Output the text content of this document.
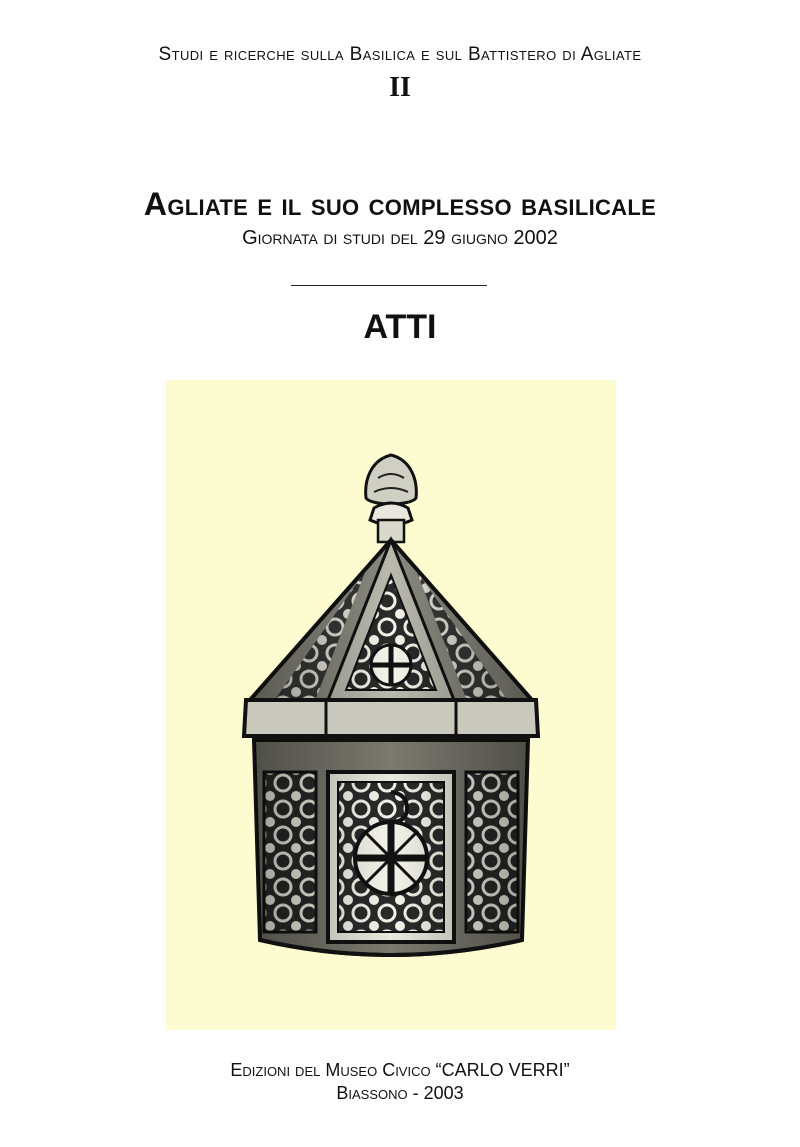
Studi e ricerche sulla Basilica e sul Battistero di Agliate
II
Agliate e il suo complesso basilicale
Giornata di studi del 29 giugno 2002
ATTI
Edizioni del Museo Civico “CARLO VERRI”
Biassono - 2003
